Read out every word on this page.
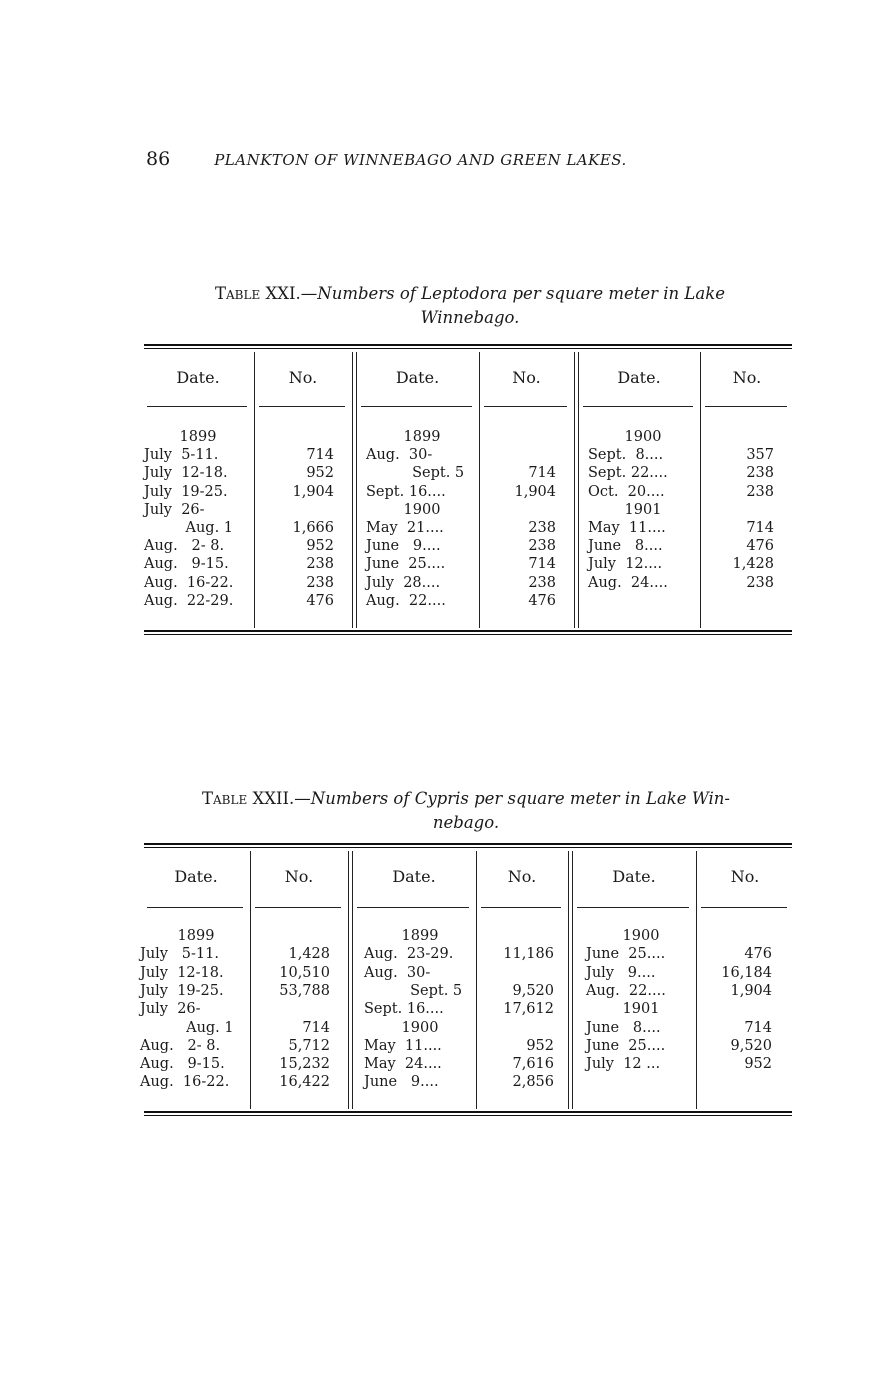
86	PLANKTON OF WINNEBAGO AND GREEN LAKES.
Table XXI.—Numbers of Leptodora per square meter in Lake
Winnebago.
Date.	No.	Date.	No.	Date.	No.
1899
July  5-11.	714
July  12-18.	952
July  19-25.	1,904
July  26-
Aug. 1	1,666
Aug.   2- 8.	952
Aug.   9-15.	238
Aug.  16-22.	238
Aug.  22-29.	476
1899
Aug.  30-
Sept. 5	714
Sept. 16....	1,904
1900
May  21....	238
June   9....	238
June  25....	714
July  28....	238
Aug.  22....	476
1900
Sept.  8....	357
Sept. 22....	238
Oct.  20....	238
1901
May  11....	714
June   8....	476
July  12....	1,428
Aug.  24....	238
Table XXII.—Numbers of Cypris per square meter in Lake Win-
nebago.
Date.	No.	Date.	No.	Date.	No.
1899
July   5-11.	1,428
July  12-18.	10,510
July  19-25.	53,788
July  26-
Aug. 1	714
Aug.   2- 8.	5,712
Aug.   9-15.	15,232
Aug.  16-22.	16,422
1899
Aug.  23-29.	11,186
Aug.  30-
Sept. 5	9,520
Sept. 16....	17,612
1900
May  11....	952
May  24....	7,616
June   9....	2,856
1900
June  25....	476
July   9....	16,184
Aug.  22....	1,904
1901
June   8....	714
June  25....	9,520
July  12 ...	952
